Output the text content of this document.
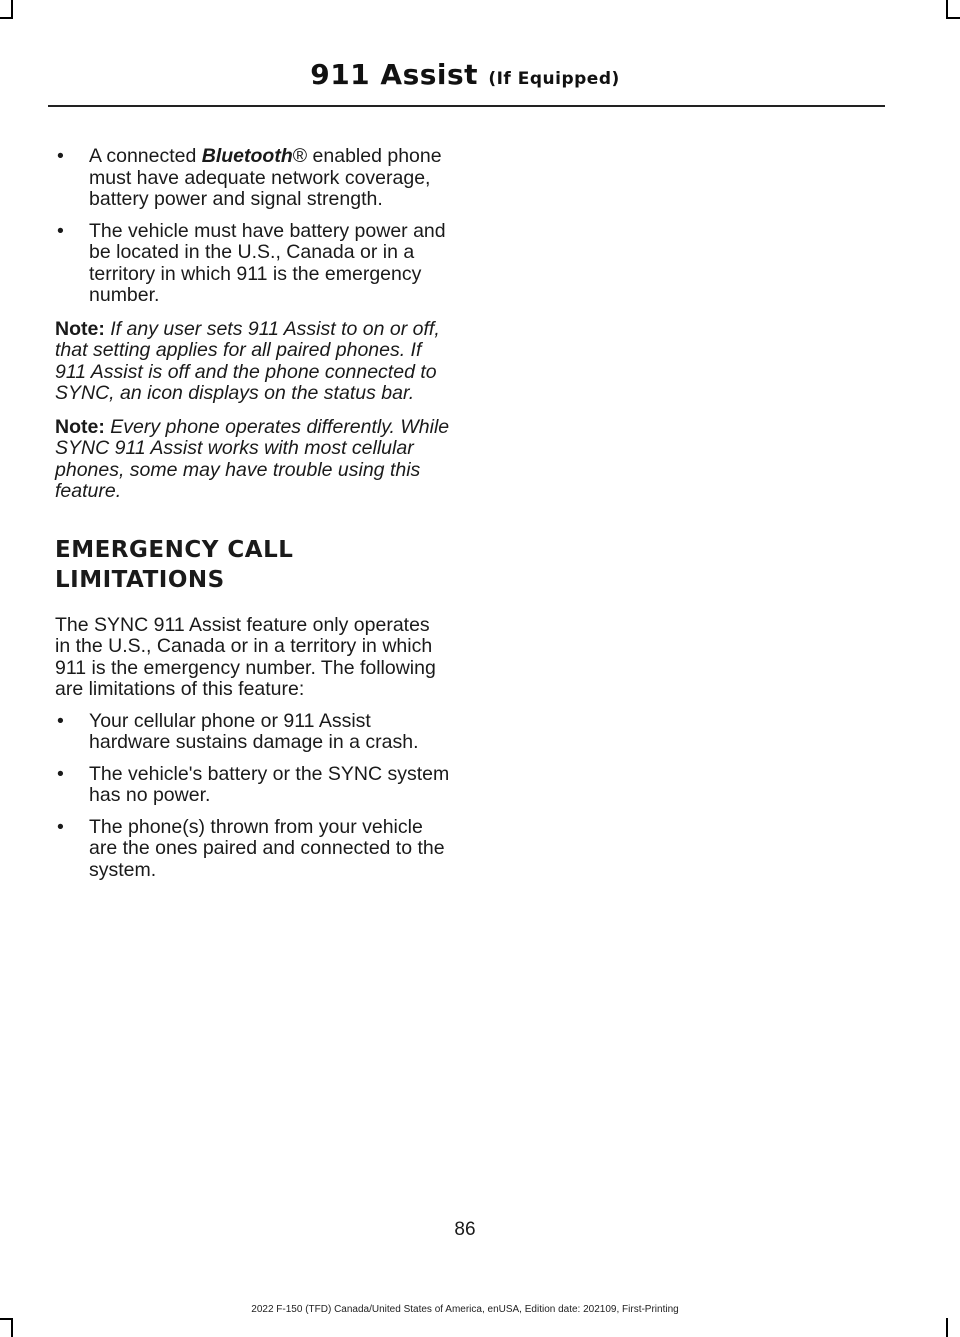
911 Assist (If Equipped)
• A connected Bluetooth® enabled phone must have adequate network coverage, battery power and signal strength.
• The vehicle must have battery power and be located in the U.S., Canada or in a territory in which 911 is the emergency number.

Note: If any user sets 911 Assist to on or off, that setting applies for all paired phones. If 911 Assist is off and the phone connected to SYNC, an icon displays on the status bar.

Note: Every phone operates differently. While SYNC 911 Assist works with most cellular phones, some may have trouble using this feature.

EMERGENCY CALL
LIMITATIONS

The SYNC 911 Assist feature only operates in the U.S., Canada or in a territory in which 911 is the emergency number. The following are limitations of this feature:

• Your cellular phone or 911 Assist hardware sustains damage in a crash.
• The vehicle's battery or the SYNC system has no power.
• The phone(s) thrown from your vehicle are the ones paired and connected to the system.
86
2022 F-150 (TFD) Canada/United States of America, enUSA, Edition date: 202109, First-Printing
